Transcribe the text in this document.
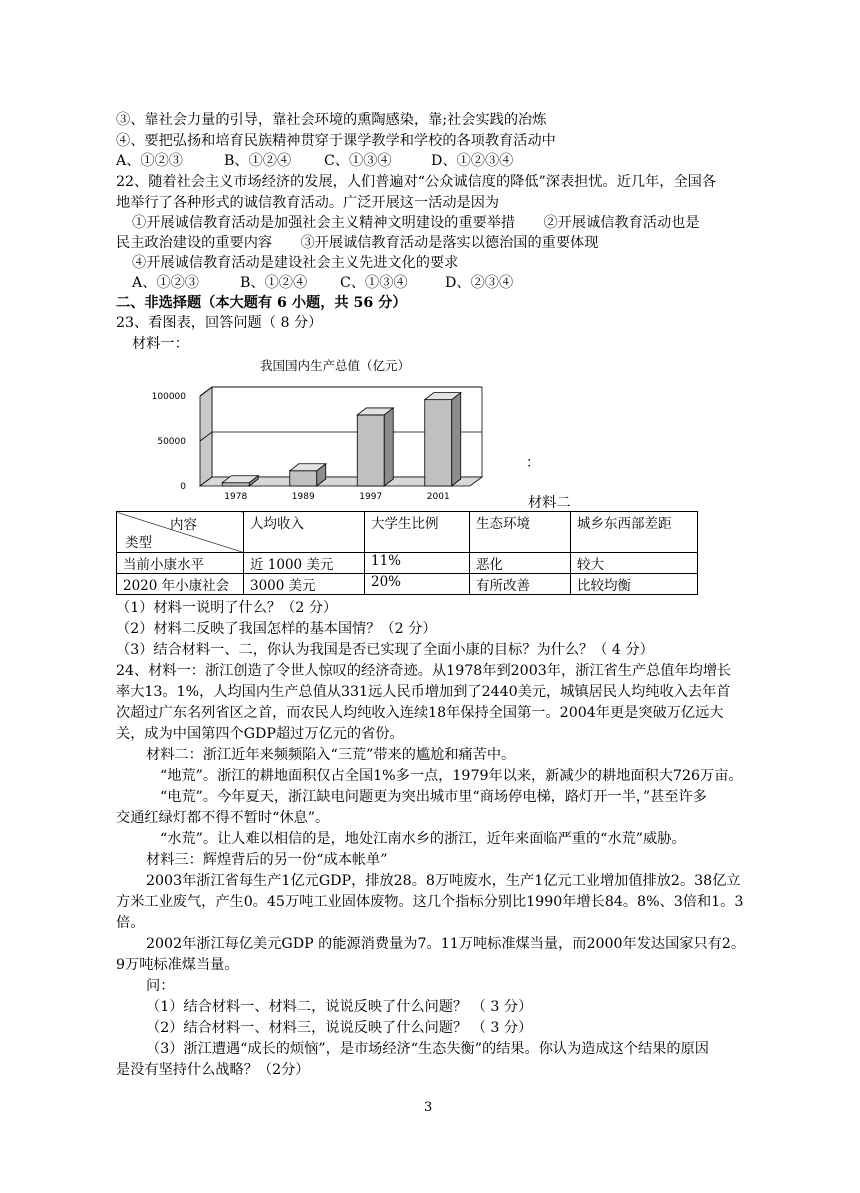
③、靠社会力量的引导，靠社会环境的熏陶感染，靠;社会实践的冶炼
④、要把弘扬和培育民族精神贯穿于课学教学和学校的各项教育活动中
A、①②③	B、①②④ C、①③④	D、①②③④
22、随着社会主义市场经济的发展，人们普遍对“公众诚信度的降低”深表担忧。近几年，全国各
地举行了各种形式的诚信教育活动。广泛开展这一活动是因为
①开展诚信教育活动是加强社会主义精神文明建设的重要举措　　②开展诚信教育活动也是
民主政治建设的重要内容　　③开展诚信教育活动是落实以德治国的重要体现
④开展诚信教育活动是建设社会主义先进文化的要求
A、①②③	B、①②④ C、①③④	D、②③④
二、非选择题（本大题有 6 小题，共 56 分）
23、看图表，回答问题（ 8 分）
材料一：
我国国内生产总值（亿元）
0
50000
100000
1978	1989	1997	2001
：
材料二
内容
类型	人均收入	大学生比例	生态环境	城乡东西部差距
当前小康水平	近 1000 美元	11%	恶化	较大
2020 年小康社会	3000 美元	20%	有所改善	比较均衡
（1）材料一说明了什么？（2 分）
（2）材料二反映了我国怎样的基本国情？（2 分）
（3）结合材料一、二，你认为我国是否已实现了全面小康的目标？为什么？（ 4 分）
24、材料一：浙江创造了令世人惊叹的经济奇迹。从1978年到2003年，浙江省生产总值年均增长
率大13。1%，人均国内生产总值从331远人民币增加到了2440美元，城镇居民人均纯收入去年首
次超过广东名列省区之首，而农民人均纯收入连续18年保持全国第一。2004年更是突破万亿远大
关，成为中国第四个GDP超过万亿元的省份。
材料二：浙江近年来频频陷入“三荒”带来的尴尬和痛苦中。
“地荒”。浙江的耕地面积仅占全国1%多一点，1979年以来，新减少的耕地面积大726万亩。
“电荒”。今年夏天，浙江缺电问题更为突出城市里“商场停电梯，路灯开一半，”甚至许多
交通红绿灯都不得不暂时“休息”。
“水荒”。让人难以相信的是，地处江南水乡的浙江，近年来面临严重的“水荒”威胁。
材料三：辉煌背后的另一份“成本帐单”
2003年浙江省每生产1亿元GDP，排放28。8万吨废水，生产1亿元工业增加值排放2。38亿立
方米工业废气，产生0。45万吨工业固体废物。这几个指标分别比1990年增长84。8%、3倍和1。3
倍。
2002年浙江每亿美元GDP 的能源消费量为7。11万吨标准煤当量，而2000年发达国家只有2。
9万吨标准煤当量。
问：
（1）结合材料一、材料二，说说反映了什么问题？ （ 3 分）
（2）结合材料一、材料三，说说反映了什么问题？ （ 3 分）
（3）浙江遭遇“成长的烦恼”，是市场经济“生态失衡”的结果。你认为造成这个结果的原因
是没有坚持什么战略？（2分）
3
